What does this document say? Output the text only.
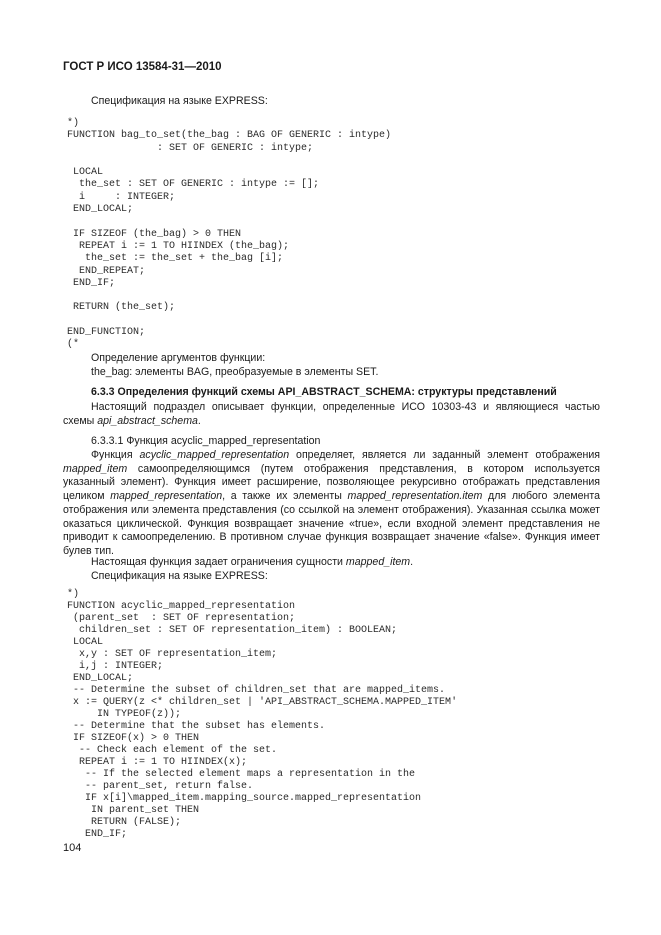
ГОСТ Р ИСО 13584-31—2010
Спецификация на языке EXPRESS:
*)
FUNCTION bag_to_set(the_bag : BAG OF GENERIC : intype)
: SET OF GENERIC : intype;

LOCAL
the_set : SET OF GENERIC : intype := [];
i     : INTEGER;
END_LOCAL;

IF SIZEOF (the_bag) > 0 THEN
REPEAT i := 1 TO HIINDEX (the_bag);
the_set := the_set + the_bag [i];
END_REPEAT;
END_IF;

RETURN (the_set);

END_FUNCTION;
(*
Определение аргументов функции:
the_bag: элементы BAG, преобразуемые в элементы SET.
6.3.3 Определения функций схемы API_ABSTRACT_SCHEMA: структуры представлений
Настоящий подраздел описывает функции, определенные ИСО 10303-43 и являющиеся частью схемы api_abstract_schema.
6.3.3.1 Функция acyclic_mapped_representation
Функция acyclic_mapped_representation определяет, является ли заданный элемент отображения mapped_item самоопределяющимся (путем отображения представления, в котором используется указанный элемент). Функция имеет расширение, позволяющее рекурсивно отображать представления целиком mapped_representation, а также их элементы mapped_representation.item для любого элемента отображения или элемента представления (со ссылкой на элемент отображения). Указанная ссылка может оказаться циклической. Функция возвращает значение «true», если входной элемент представления не приводит к самоопределению. В противном случае функция возвращает значение «false». Функция имеет булев тип.
Настоящая функция задает ограничения сущности mapped_item.
Спецификация на языке EXPRESS:
*)
FUNCTION acyclic_mapped_representation
(parent_set  : SET OF representation;
children_set : SET OF representation_item) : BOOLEAN;
LOCAL
x,y : SET OF representation_item;
i,j : INTEGER;
END_LOCAL;
-- Determine the subset of children_set that are mapped_items.
x := QUERY(z <* children_set | 'API_ABSTRACT_SCHEMA.MAPPED_ITEM'
IN TYPEOF(z));
-- Determine that the subset has elements.
IF SIZEOF(x) > 0 THEN
-- Check each element of the set.
REPEAT i := 1 TO HIINDEX(x);
-- If the selected element maps a representation in the
-- parent_set, return false.
IF x[i]\mapped_item.mapping_source.mapped_representation
IN parent_set THEN
RETURN (FALSE);
END_IF;
104
